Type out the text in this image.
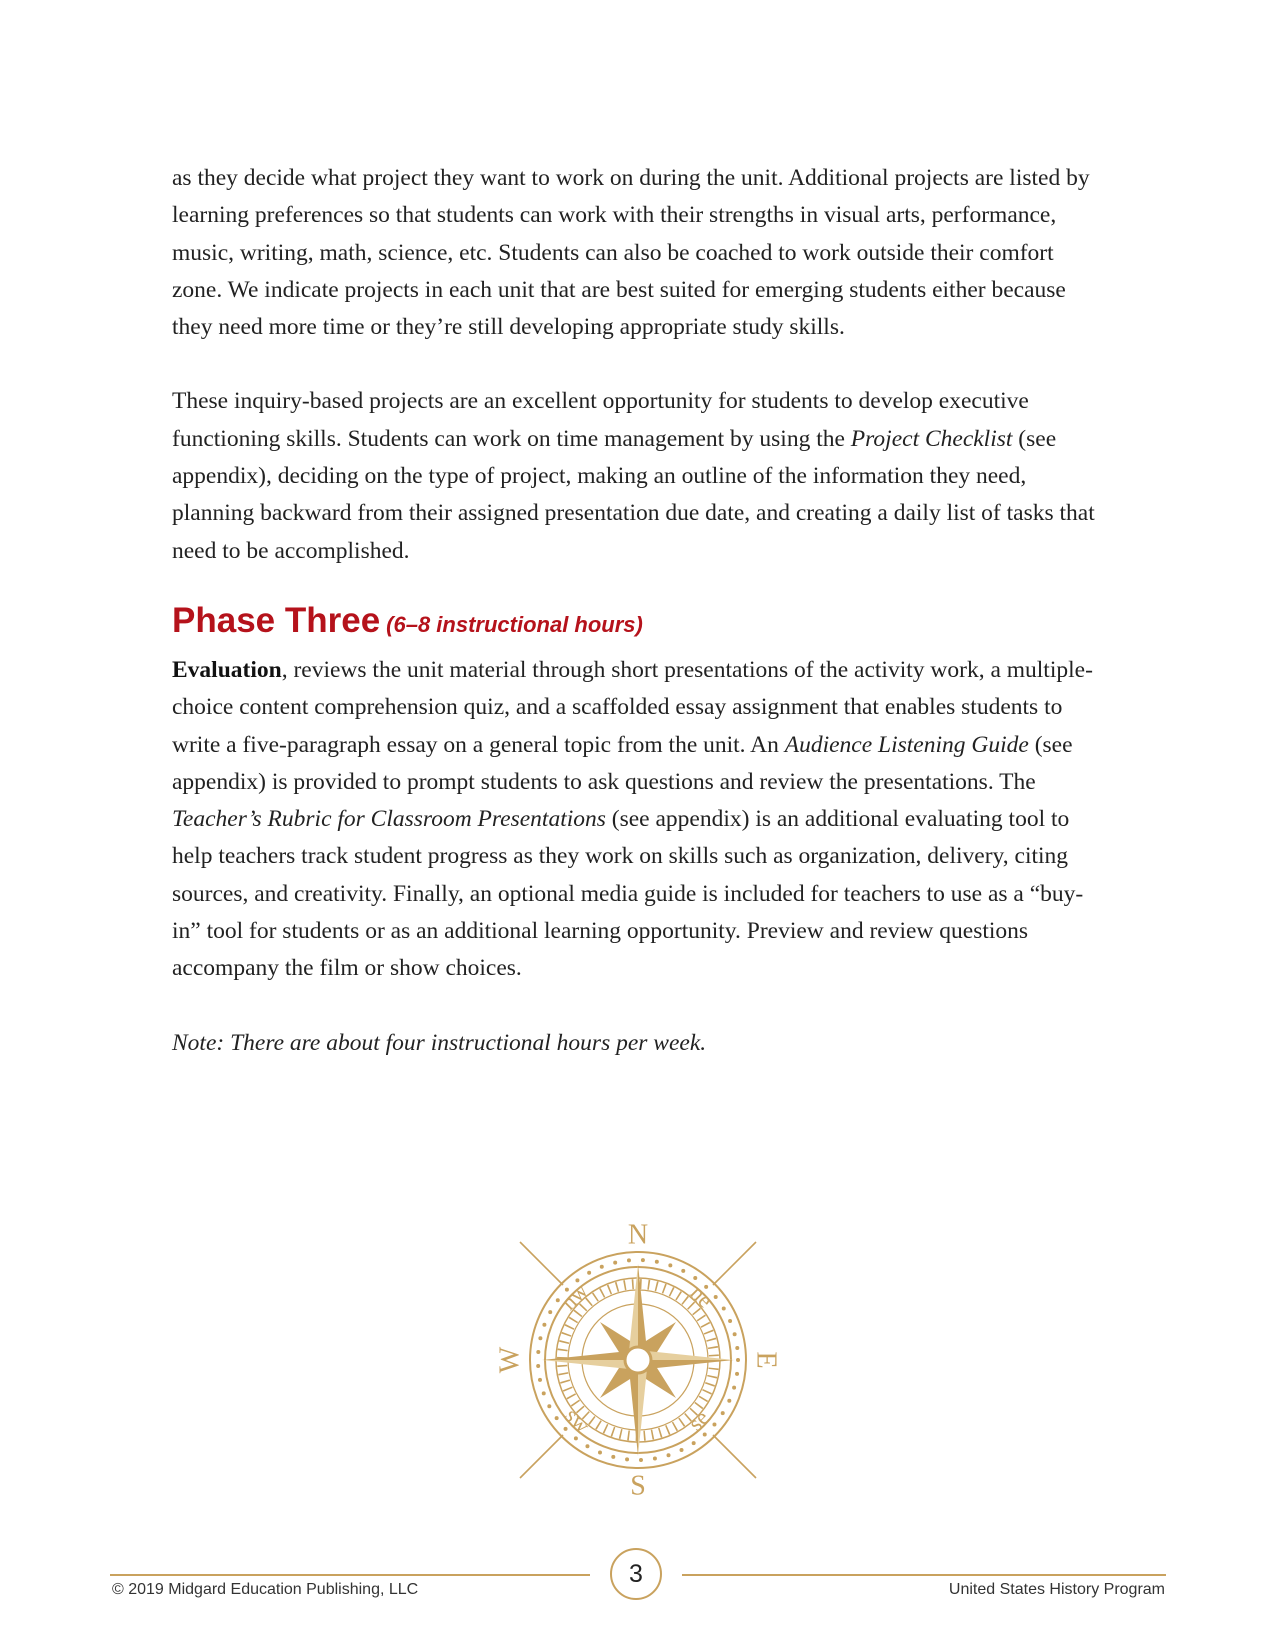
as they decide what project they want to work on during the unit. Additional projects are listed by learning preferences so that students can work with their strengths in visual arts, performance, music, writing, math, science, etc. Students can also be coached to work outside their comfort zone. We indicate projects in each unit that are best suited for emerging students either because they need more time or they’re still developing appropriate study skills.

These inquiry-based projects are an excellent opportunity for students to develop executive functioning skills. Students can work on time management by using the Project Checklist (see appendix), deciding on the type of project, making an outline of the information they need, planning backward from their assigned presentation due date, and creating a daily list of tasks that need to be accomplished.

Phase Three (6–8 instructional hours)

Evaluation, reviews the unit material through short presentations of the activity work, a multiple-choice content comprehension quiz, and a scaffolded essay assignment that enables students to write a five-paragraph essay on a general topic from the unit. An Audience Listening Guide (see appendix) is provided to prompt students to ask questions and review the presentations. The Teacher’s Rubric for Classroom Presentations (see appendix) is an additional evaluating tool to help teachers track student progress as they work on skills such as organization, delivery, citing sources, and creativity. Finally, an optional media guide is included for teachers to use as a “buy-in” tool for students or as an additional learning opportunity. Preview and review questions accompany the film or show choices.

Note: There are about four instructional hours per week.

N
S
E
W
ne
nw
se
sw
3
© 2019 Midgard Education Publishing, LLC	United States History Program
